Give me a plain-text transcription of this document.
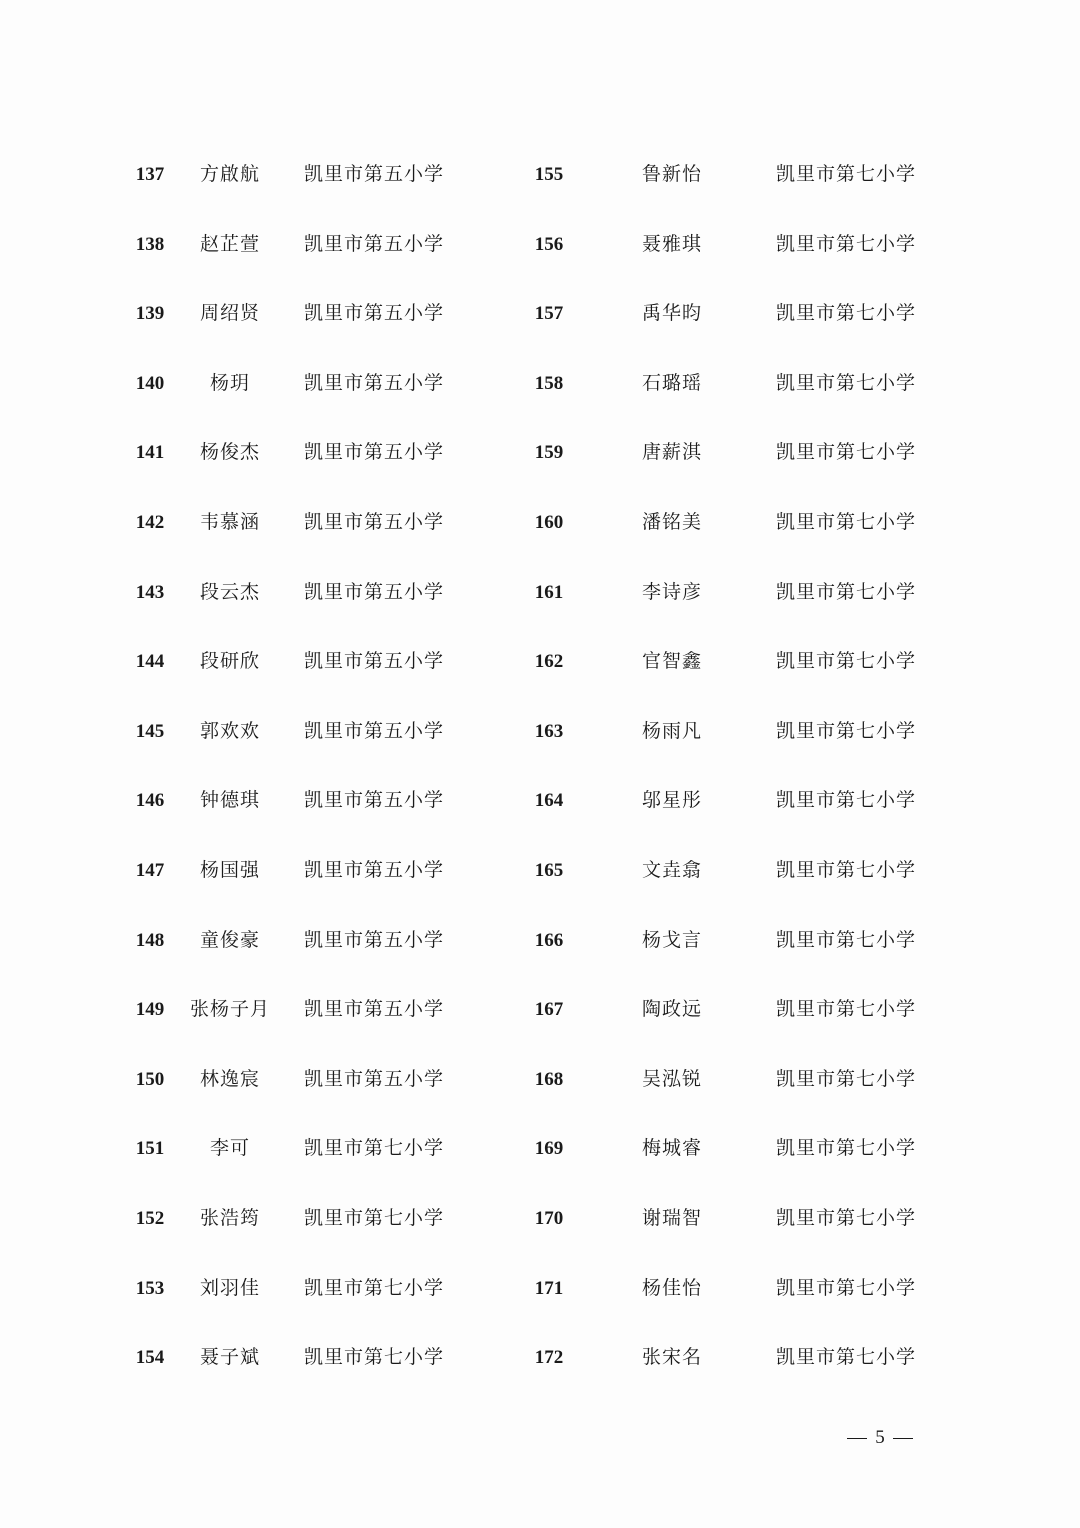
137	方啟航	凯里市第五小学	155	鲁新怡	凯里市第七小学
138	赵芷萱	凯里市第五小学	156	聂雅琪	凯里市第七小学
139	周绍贤	凯里市第五小学	157	禹华昀	凯里市第七小学
140	杨玥	凯里市第五小学	158	石璐瑶	凯里市第七小学
141	杨俊杰	凯里市第五小学	159	唐薪淇	凯里市第七小学
142	韦慕涵	凯里市第五小学	160	潘铭美	凯里市第七小学
143	段云杰	凯里市第五小学	161	李诗彦	凯里市第七小学
144	段研欣	凯里市第五小学	162	官智鑫	凯里市第七小学
145	郭欢欢	凯里市第五小学	163	杨雨凡	凯里市第七小学
146	钟德琪	凯里市第五小学	164	邬星彤	凯里市第七小学
147	杨国强	凯里市第五小学	165	文垚翕	凯里市第七小学
148	童俊豪	凯里市第五小学	166	杨戈言	凯里市第七小学
149	张杨子月	凯里市第五小学	167	陶政远	凯里市第七小学
150	林逸宸	凯里市第五小学	168	吴泓锐	凯里市第七小学
151	李可	凯里市第七小学	169	梅城睿	凯里市第七小学
152	张浩筠	凯里市第七小学	170	谢瑞智	凯里市第七小学
153	刘羽佳	凯里市第七小学	171	杨佳怡	凯里市第七小学
154	聂子斌	凯里市第七小学	172	张宋名	凯里市第七小学
5
